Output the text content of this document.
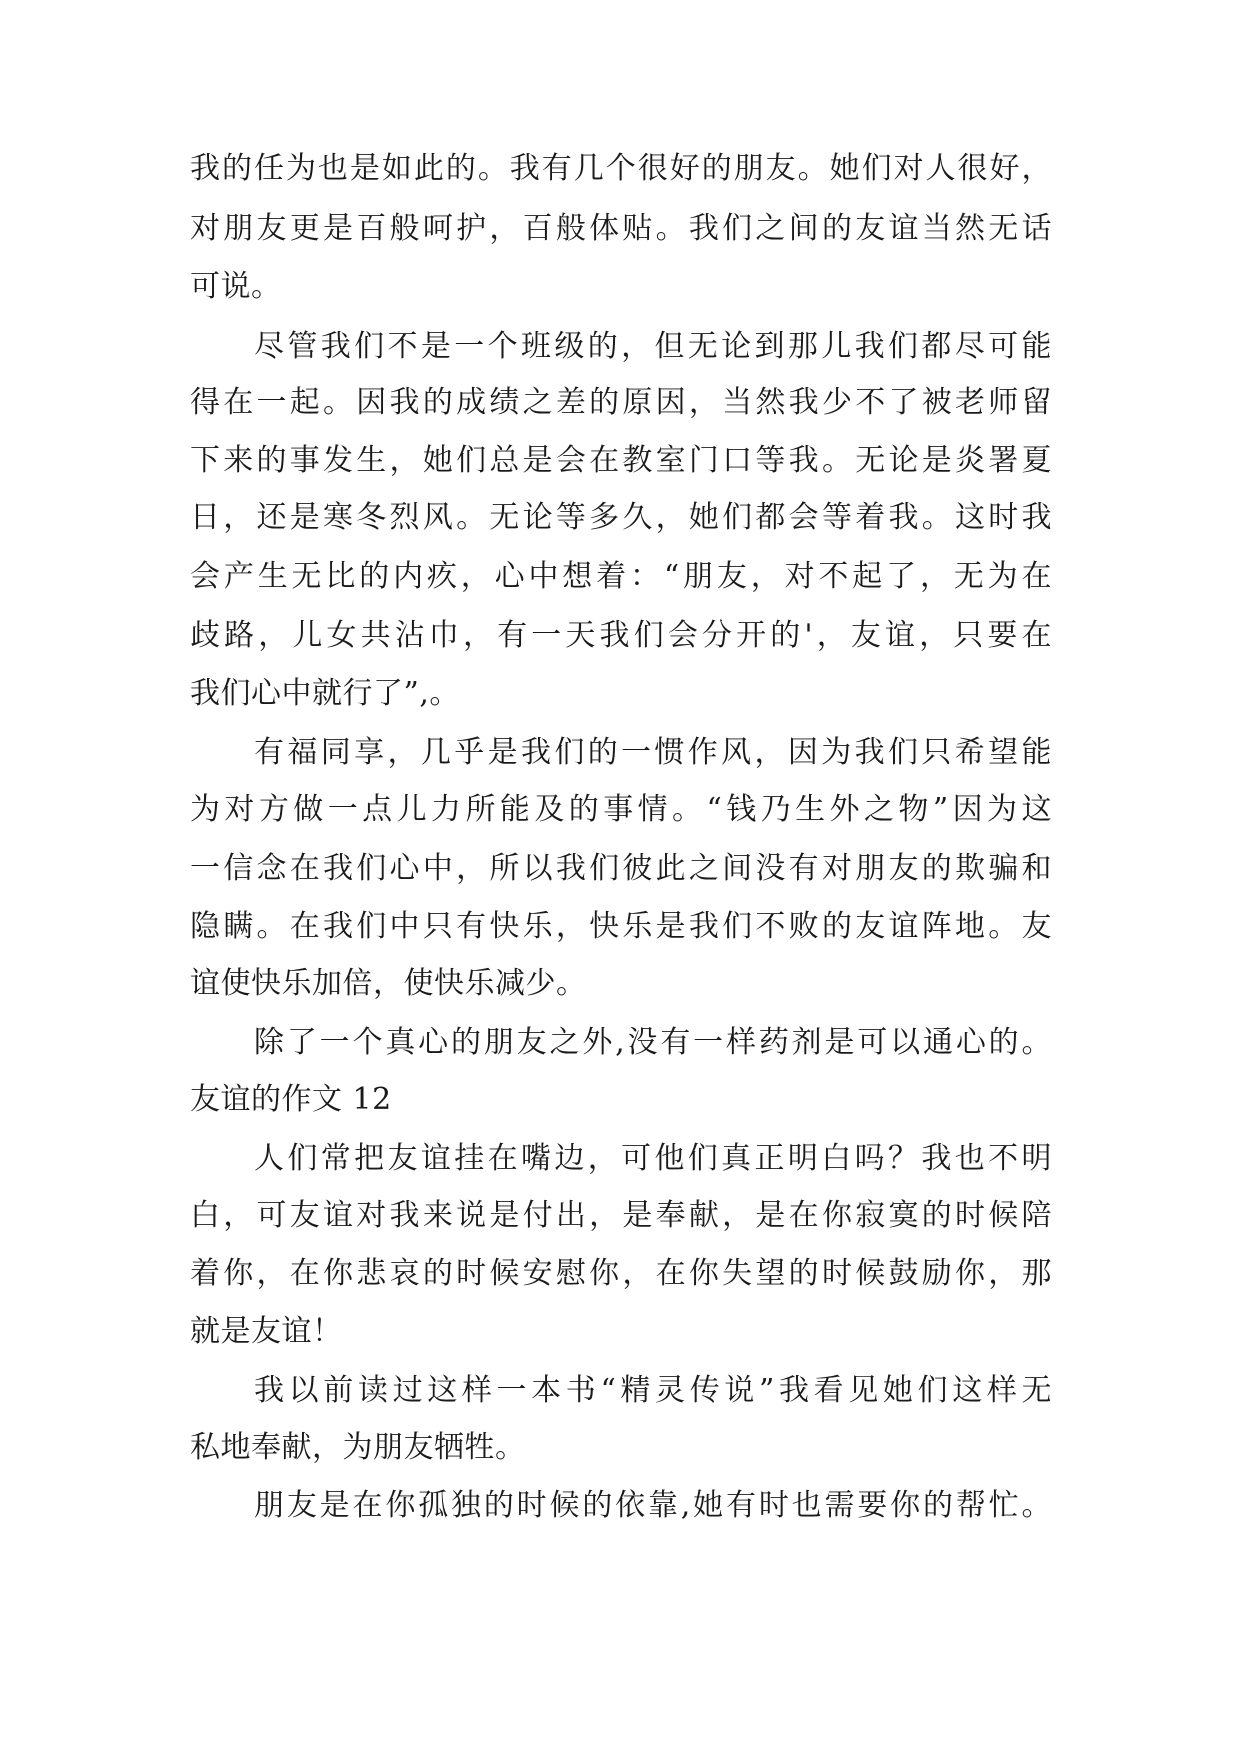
我的任为也是如此的。我有几个很好的朋友。她们对人很好，

对朋友更是百般呵护，百般体贴。我们之间的友谊当然无话

可说。

尽管我们不是一个班级的，但无论到那儿我们都尽可能

得在一起。因我的成绩之差的原因，当然我少不了被老师留

下来的事发生，她们总是会在教室门口等我。无论是炎署夏

日，还是寒冬烈风。无论等多久，她们都会等着我。这时我

会产生无比的内疚，心中想着：“朋友，对不起了，无为在

歧路，儿女共沾巾，有一天我们会分开的'，友谊，只要在

我们心中就行了”,。

有福同享，几乎是我们的一惯作风，因为我们只希望能

为对方做一点儿力所能及的事情。“钱乃生外之物”因为这

一信念在我们心中，所以我们彼此之间没有对朋友的欺骗和

隐瞒。在我们中只有快乐，快乐是我们不败的友谊阵地。友

谊使快乐加倍，使快乐减少。

除了一个真心的朋友之外,没有一样药剂是可以通心的。

友谊的作文 12

人们常把友谊挂在嘴边，可他们真正明白吗？我也不明

白，可友谊对我来说是付出，是奉献，是在你寂寞的时候陪

着你，在你悲哀的时候安慰你，在你失望的时候鼓励你，那

就是友谊！

我以前读过这样一本书“精灵传说”我看见她们这样无

私地奉献，为朋友牺牲。

朋友是在你孤独的时候的依靠,她有时也需要你的帮忙。
